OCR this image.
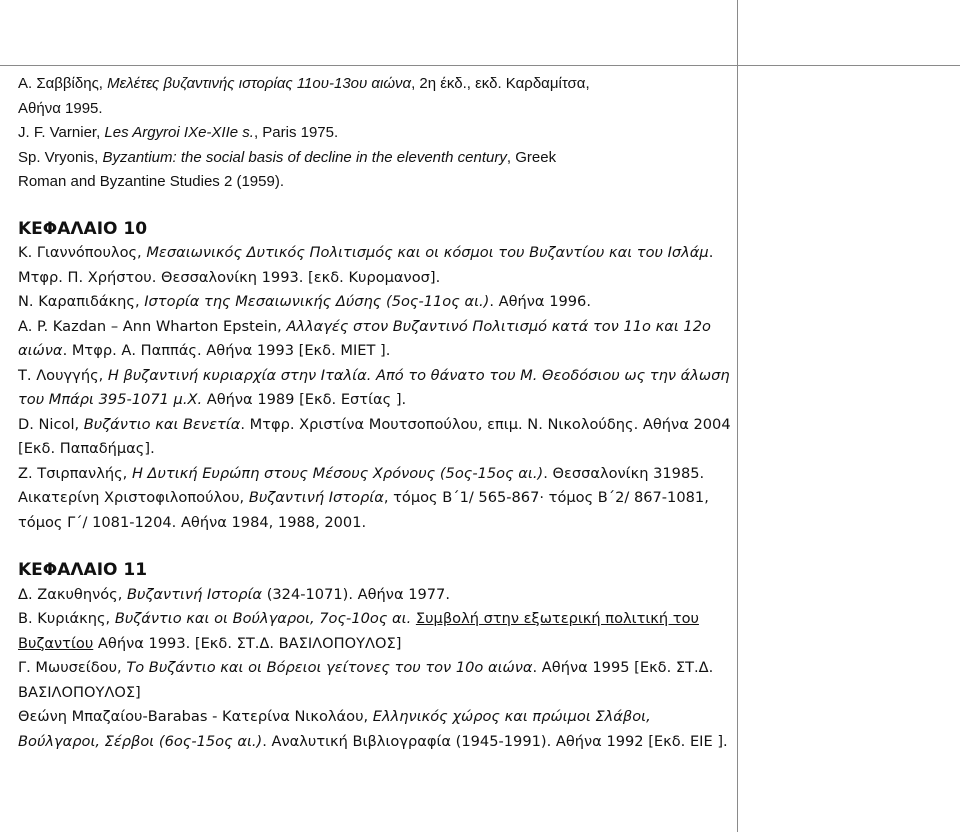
Α. Σαββίδης, Μελέτες βυζαντινής ιστορίας 11ου-13ου αιώνα, 2η έκδ., εκδ. Καρδαμίτσα,
Αθήνα 1995.

J. F. Varnier, Les Argyroi IXe-XIIe s., Paris 1975.

Sp. Vryonis, Byzantium: the social basis of decline in the eleventh century, Greek
Roman and Byzantine Studies 2 (1959).

ΚΕΦΑΛΑΙΟ 10

Κ. Γιαννόπουλος, Μεσαιωνικός Δυτικός Πολιτισμός και οι κόσμοι του Βυζαντίου και του Ισλάμ. Μτφρ. Π. Χρήστου. Θεσσαλονίκη 1993. [εκδ. Κυρομανοσ].

Ν. Καραπιδάκης, Ιστορία της Μεσαιωνικής Δύσης (5ος-11ος αι.). Αθήνα 1996.

A. P. Kazdan – Ann Wharton Epstein, Αλλαγές στον Βυζαντινό Πολιτισμό κατά τον 11ο και 12ο αιώνα. Μτφρ. Α. Παππάς. Αθήνα 1993 [Εκδ. ΜΙΕΤ ].

Τ. Λουγγής, Η βυζαντινή κυριαρχία στην Ιταλία. Από το θάνατο του Μ. Θεοδόσιου ως την άλωση του Μπάρι 395-1071 μ.Χ. Αθήνα 1989 [Εκδ. Εστίας ].

D. Nicol, Βυζάντιο και Βενετία. Μτφρ. Χριστίνα Μουτσοπούλου, επιμ. Ν. Νικολούδης. Αθήνα 2004 [Εκδ. Παπαδήμας].

Ζ. Τσιρπανλής, Η Δυτική Ευρώπη στους Μέσους Χρόνους (5ος-15ος αι.). Θεσσαλονίκη 31985.

Αικατερίνη Χριστοφιλοπούλου, Βυζαντινή Ιστορία, τόμος Β΄1/ 565-867· τόμος Β΄2/ 867-1081, τόμος Γ΄/ 1081-1204. Αθήνα 1984, 1988, 2001.

ΚΕΦΑΛΑΙΟ 11

Δ. Ζακυθηνός, Βυζαντινή Ιστορία (324-1071). Αθήνα 1977.

Β. Κυριάκης, Βυζάντιο και οι Βούλγαροι, 7ος-10ος αι. Συμβολή στην εξωτερική πολιτική του Βυζαντίου Αθήνα 1993. [Εκδ. ΣΤ.Δ. ΒΑΣΙΛΟΠΟΥΛΟΣ]

Γ. Μωυσείδου, Το Βυζάντιο και οι Βόρειοι γείτονες του τον 10ο αιώνα. Αθήνα 1995 [Εκδ. ΣΤ.Δ. ΒΑΣΙΛΟΠΟΥΛΟΣ]

Θεώνη Μπαζαίου-Barabas - Κατερίνα Νικολάου, Ελληνικός χώρος και πρώιμοι Σλάβοι, Βούλγαροι, Σέρβοι (6ος-15ος αι.). Αναλυτική Βιβλιογραφία (1945-1991). Αθήνα 1992 [Εκδ. ΕΙΕ ].
